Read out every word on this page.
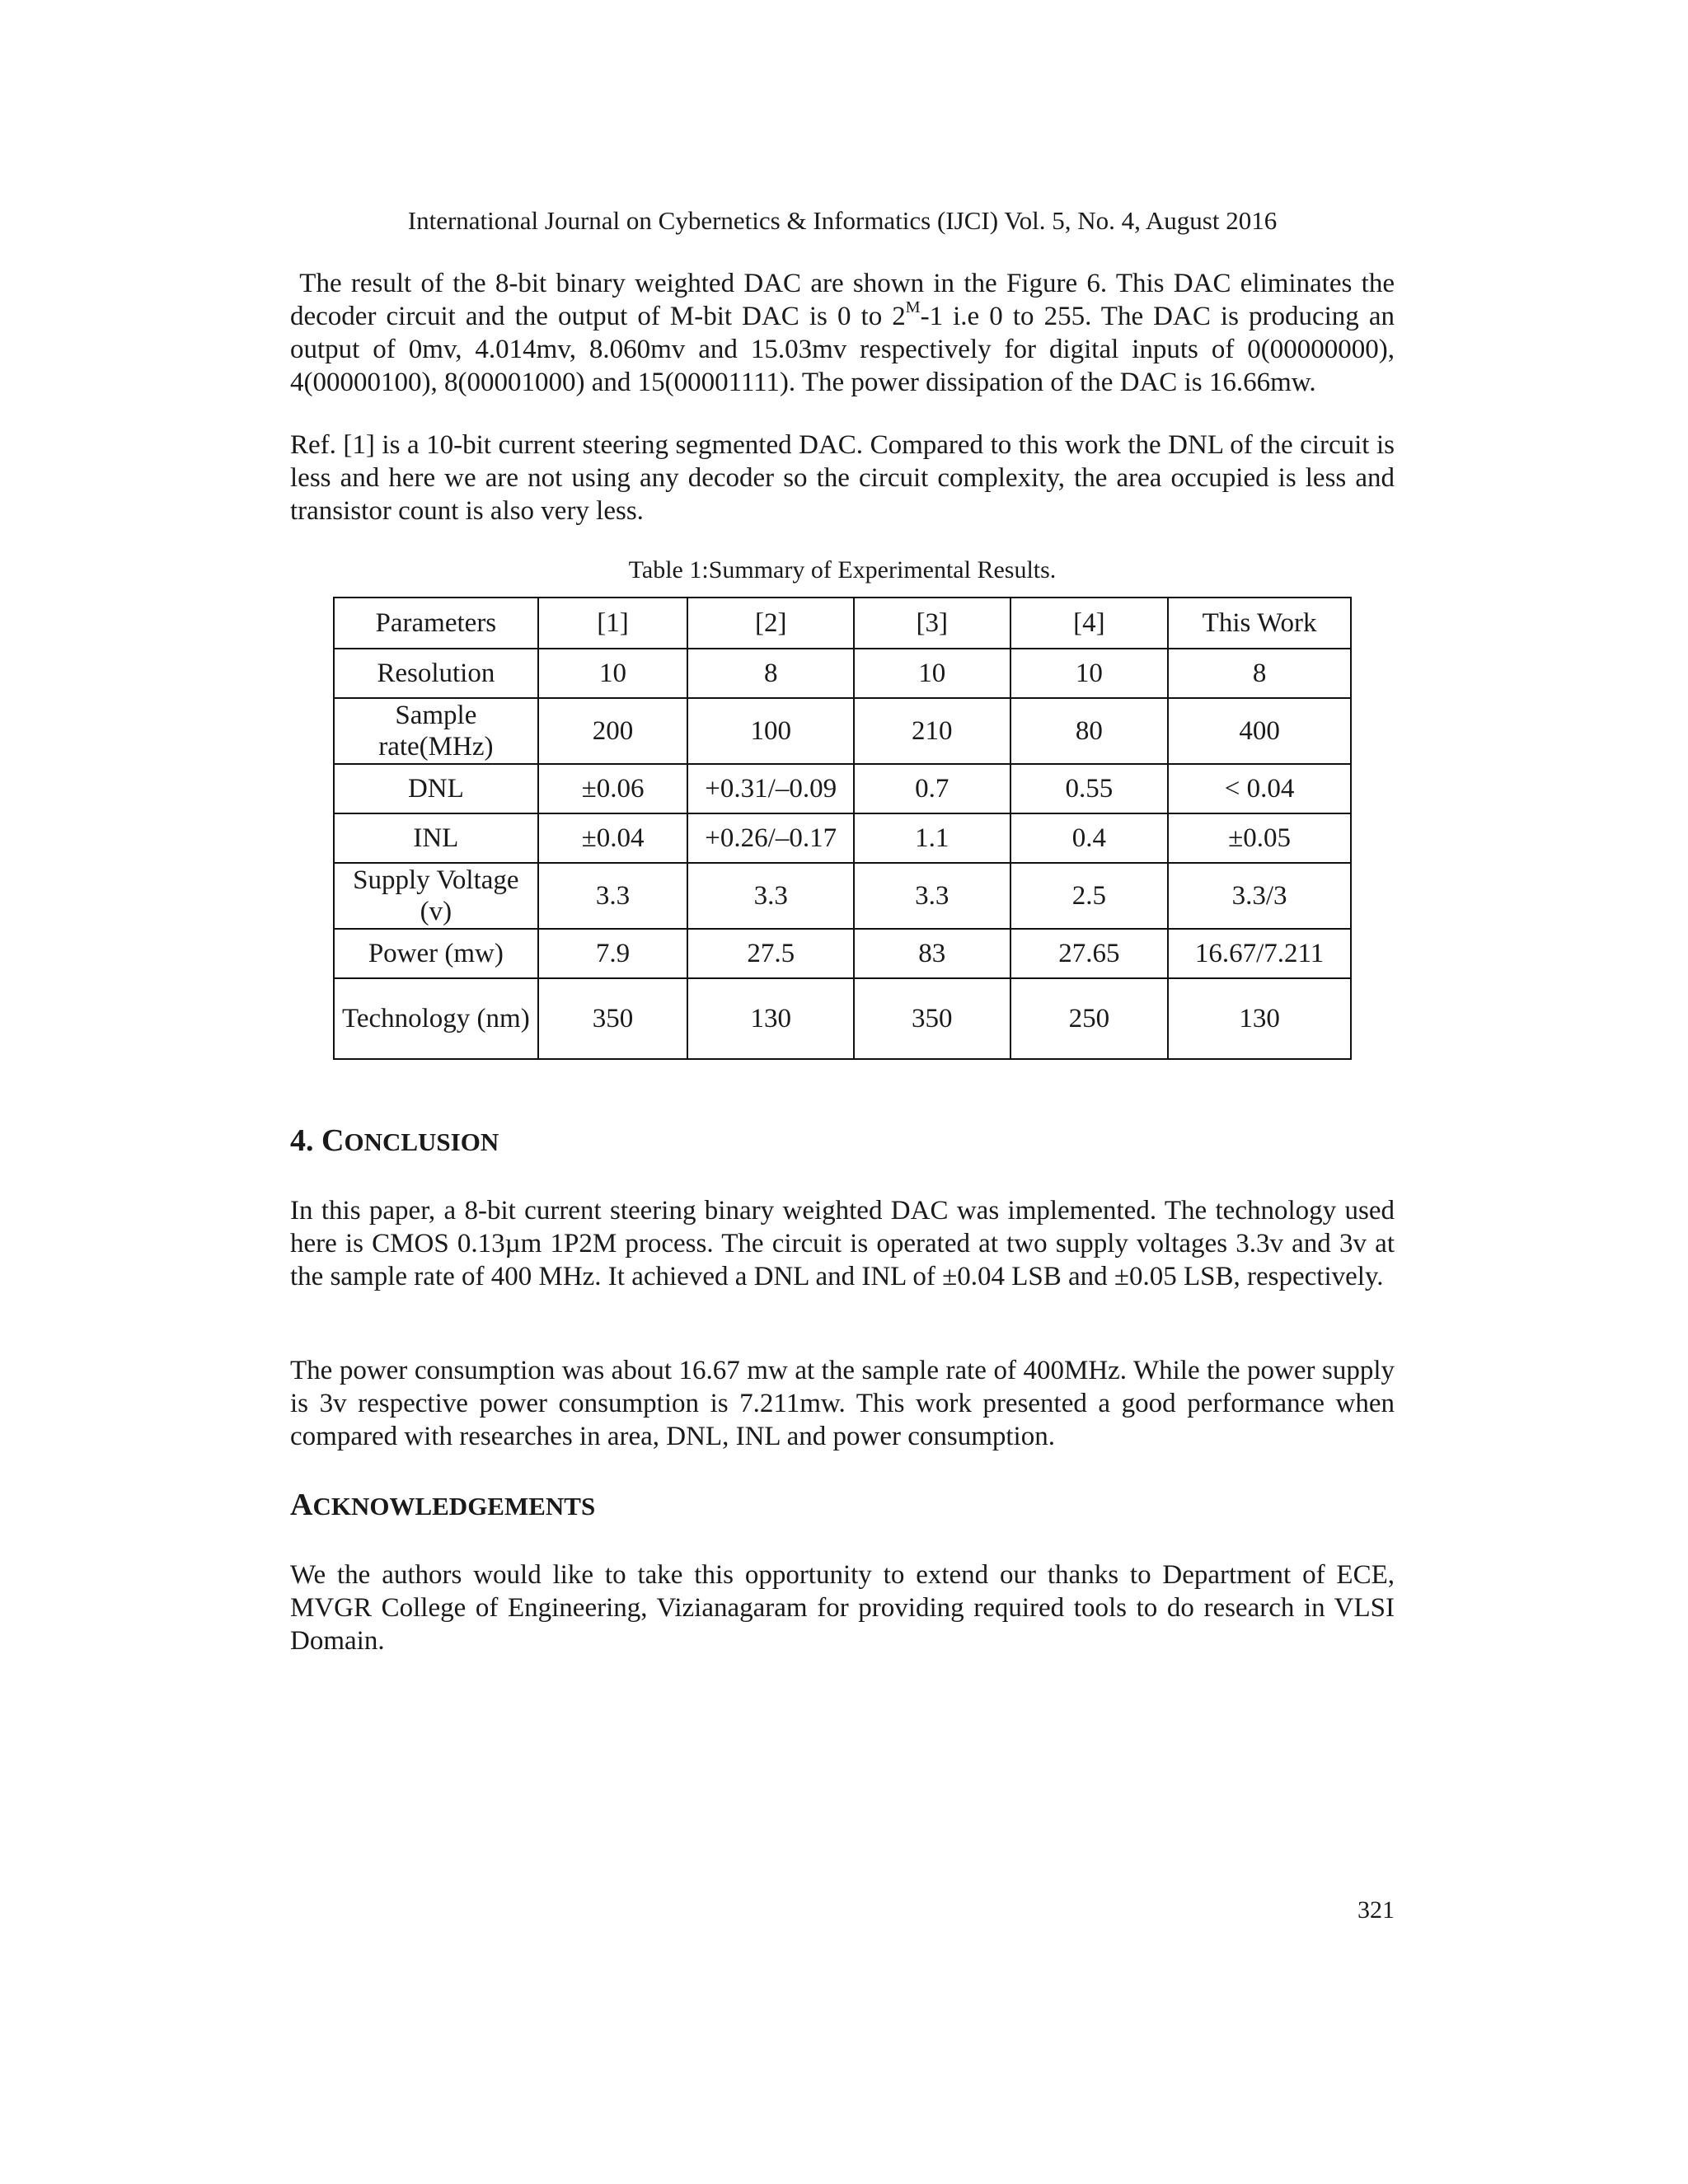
International Journal on Cybernetics & Informatics (IJCI) Vol. 5, No. 4, August 2016

The result of the 8-bit binary weighted DAC are shown in the Figure 6. This DAC eliminates the decoder circuit and the output of M-bit DAC is 0 to $2^M-1$ i.e 0 to 255. The DAC is producing an output of 0mv, 4.014mv, 8.060mv and 15.03mv respectively for digital inputs of 0(00000000), 4(00000100), 8(00001000) and 15(00001111). The power dissipation of the DAC is 16.66mw.

Ref. [1] is a 10-bit current steering segmented DAC. Compared to this work the DNL of the circuit is less and here we are not using any decoder so the circuit complexity, the area occupied is less and transistor count is also very less.

Table 1:Summary of Experimental Results.
Parameters	[1]	[2]	[3]	[4]	This Work
Resolution	10	8	10	10	8
Sample rate(MHz)	200	100	210	80	400
DNL	±0.06	+0.31/–0.09	0.7	0.55	< 0.04
INL	±0.04	+0.26/–0.17	1.1	0.4	±0.05
Supply Voltage (v)	3.3	3.3	3.3	2.5	3.3/3
Power (mw)	7.9	27.5	83	27.65	16.67/7.211
Technology (nm)	350	130	350	250	130
4. CONCLUSION

In this paper, a 8-bit current steering binary weighted DAC was implemented. The technology used here is CMOS 0.13µm 1P2M process. The circuit is operated at two supply voltages 3.3v and 3v at the sample rate of 400 MHz. It achieved a DNL and INL of ±0.04 LSB and ±0.05 LSB, respectively.

The power consumption was about 16.67 mw at the sample rate of 400MHz. While the power supply is 3v respective power consumption is 7.211mw. This work presented a good performance when compared with researches in area, DNL, INL and power consumption.

ACKNOWLEDGEMENTS

We the authors would like to take this opportunity to extend our thanks to Department of ECE, MVGR College of Engineering, Vizianagaram for providing required tools to do research in VLSI Domain.

321
